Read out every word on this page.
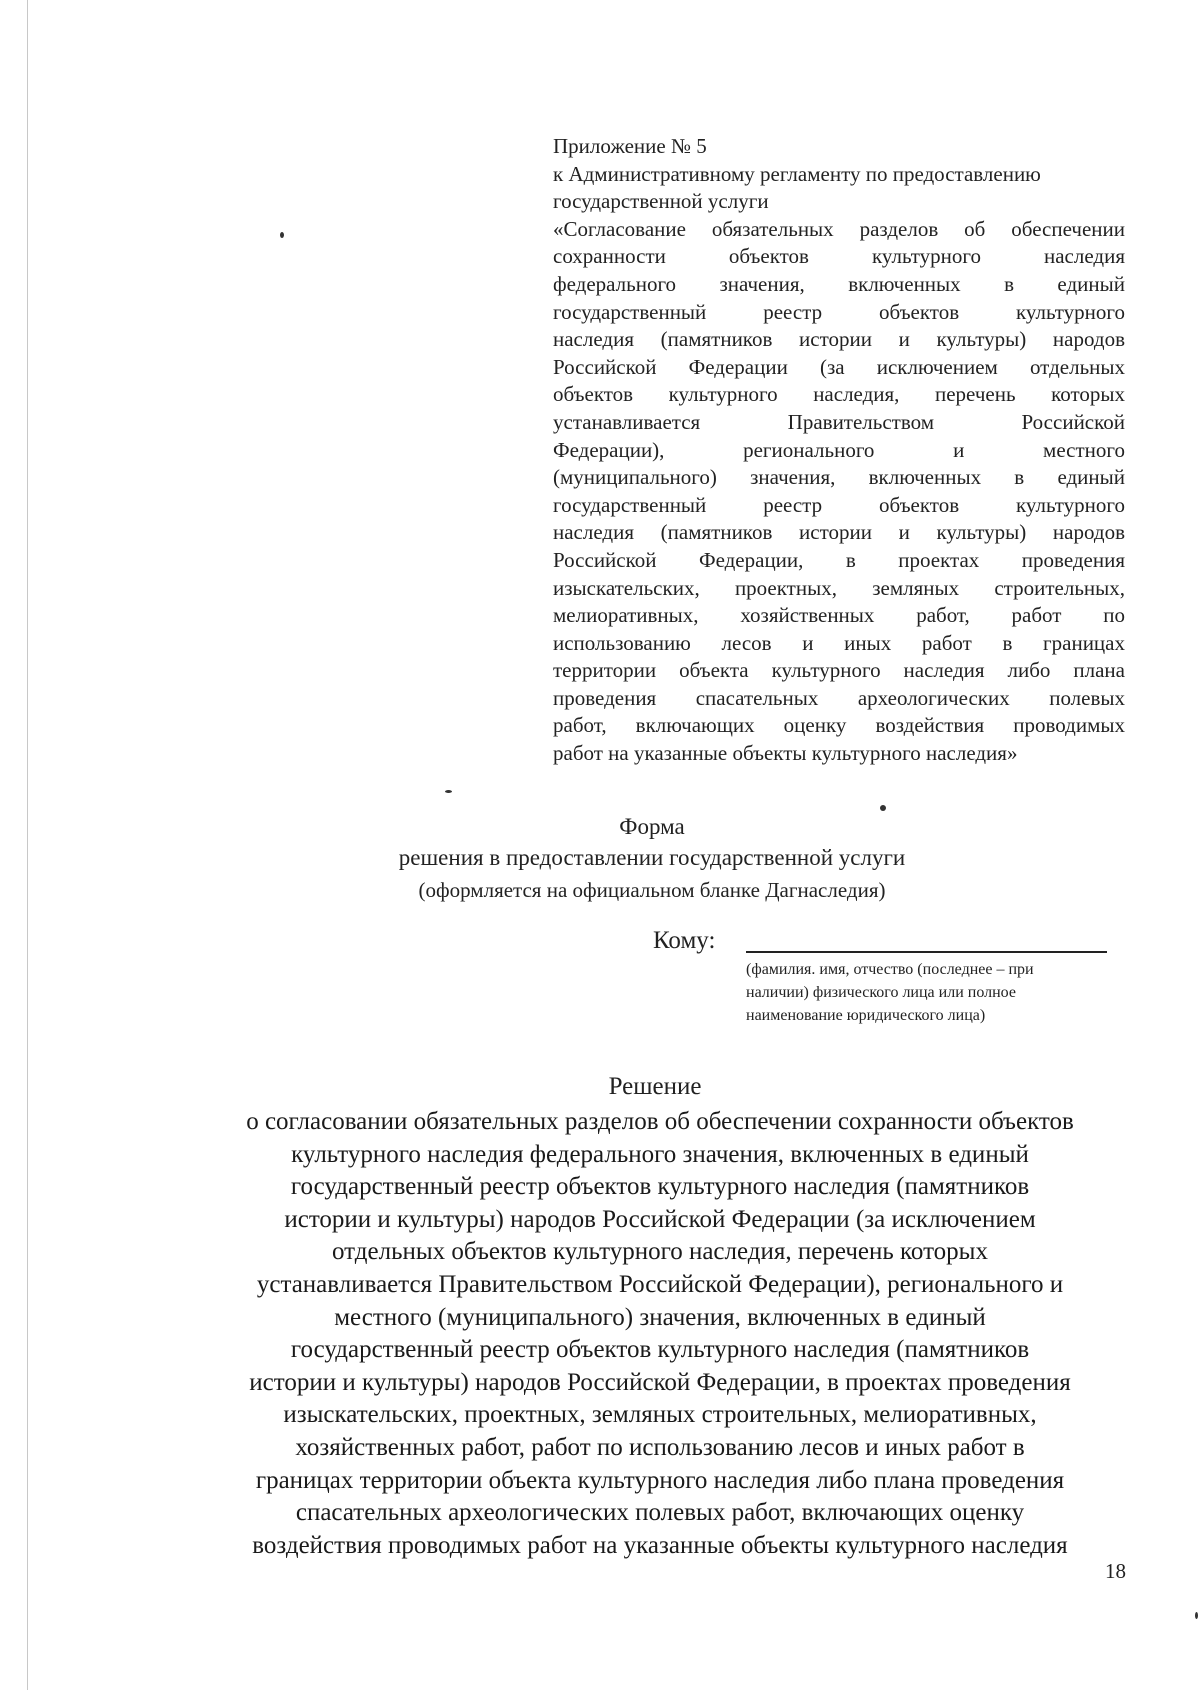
Приложение № 5
к Административному регламенту по предоставлению
государственной услуги
«Согласование обязательных разделов об обеспечении
сохранности объектов культурного наследия
федерального значения, включенных в единый
государственный реестр объектов культурного
наследия (памятников истории и культуры) народов
Российской Федерации (за исключением отдельных
объектов культурного наследия, перечень которых
устанавливается Правительством Российской
Федерации), регионального и местного
(муниципального) значения, включенных в единый
государственный реестр объектов культурного
наследия (памятников истории и культуры) народов
Российской Федерации, в проектах проведения
изыскательских, проектных, земляных строительных,
мелиоративных, хозяйственных работ, работ по
использованию лесов и иных работ в границах
территории объекта культурного наследия либо плана
проведения спасательных археологических полевых
работ, включающих оценку воздействия проводимых
работ на указанные объекты культурного наследия»
Форма
решения в предоставлении государственной услуги
(оформляется на официальном бланке Дагнаследия)
Кому:
(фамилия. имя, отчество (последнее – при
наличии) физического лица или полное
наименование юридического лица)
Решение
о согласовании обязательных разделов об обеспечении сохранности объектов
культурного наследия федерального значения, включенных в единый
государственный реестр объектов культурного наследия (памятников
истории и культуры) народов Российской Федерации (за исключением
отдельных объектов культурного наследия, перечень которых
устанавливается Правительством Российской Федерации), регионального и
местного (муниципального) значения, включенных в единый
государственный реестр объектов культурного наследия (памятников
истории и культуры) народов Российской Федерации, в проектах проведения
изыскательских, проектных, земляных строительных, мелиоративных,
хозяйственных работ, работ по использованию лесов и иных работ в
границах территории объекта культурного наследия либо плана проведения
спасательных археологических полевых работ, включающих оценку
воздействия проводимых работ на указанные объекты культурного наследия
18
